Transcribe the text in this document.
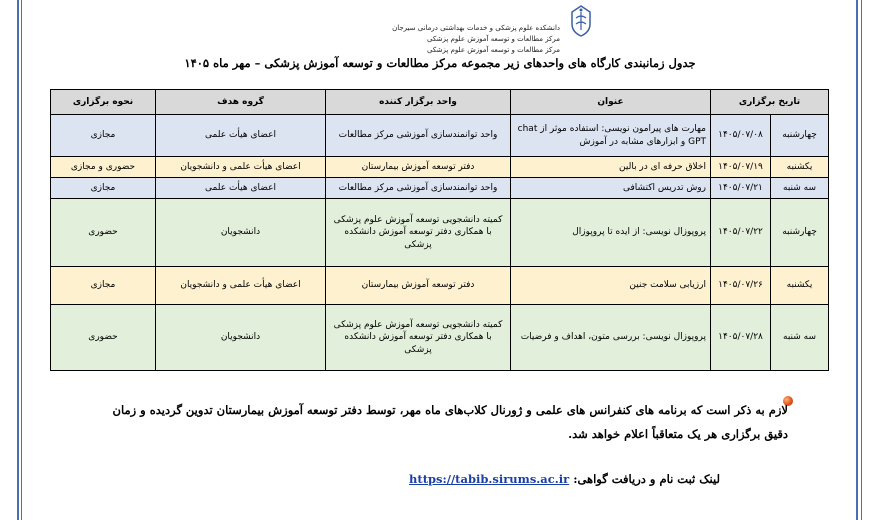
دانشکده علوم پزشکی و خدمات بهداشتی درمانی سیرجان
مرکز مطالعات و توسعه آموزش علوم پزشکی
مرکز مطالعات و توسعه آموزش علوم پزشکی
جدول زمانبندی کارگاه های واحدهای زیر مجموعه مرکز مطالعات و توسعه آموزش پزشکی – مهر ماه ۱۴۰۵
تاریخ برگزاری		عنوان	واحد برگزار کننده	گروه هدف	نحوه برگزاری
چهارشنبه	۱۴۰۵/۰۷/۰۸	مهارت های پیرامون نویسی: استفاده موثر از chat GPT و ابزارهای مشابه در آموزش	واحد توانمندسازی آموزشی مرکز مطالعات	اعضای هیأت علمی	مجازی
یکشنبه	۱۴۰۵/۰۷/۱۹	اخلاق حرفه ای در بالین	دفتر توسعه آموزش بیمارستان	اعضای هیأت علمی و دانشجویان	حضوری و مجازی
سه شنبه	۱۴۰۵/۰۷/۲۱	روش تدریس اکتشافی	واحد توانمندسازی آموزشی مرکز مطالعات	اعضای هیأت علمی	مجازی
چهارشنبه	۱۴۰۵/۰۷/۲۲	پروپوزال نویسی: از ایده تا پروپوزال	کمیته دانشجویی توسعه آموزش علوم پزشکی با همکاری دفتر توسعه آموزش دانشکده پزشکی	دانشجویان	حضوری
یکشنبه	۱۴۰۵/۰۷/۲۶	ارزیابی سلامت جنین	دفتر توسعه آموزش بیمارستان	اعضای هیأت علمی و دانشجویان	مجازی
سه شنبه	۱۴۰۵/۰۷/۲۸	پروپوزال نویسی: بررسی متون، اهداف و فرضیات	کمیته دانشجویی توسعه آموزش علوم پزشکی با همکاری دفتر توسعه آموزش دانشکده پزشکی	دانشجویان	حضوری
لازم به ذکر است که برنامه های کنفرانس های علمی و ژورنال کلاب‌های ماه مهر، توسط دفتر توسعه آموزش بیمارستان تدوین گردیده و زمان دقیق برگزاری هر یک متعاقباً اعلام خواهد شد.
لینک ثبت نام و دریافت گواهی: https://tabib.sirums.ac.ir
